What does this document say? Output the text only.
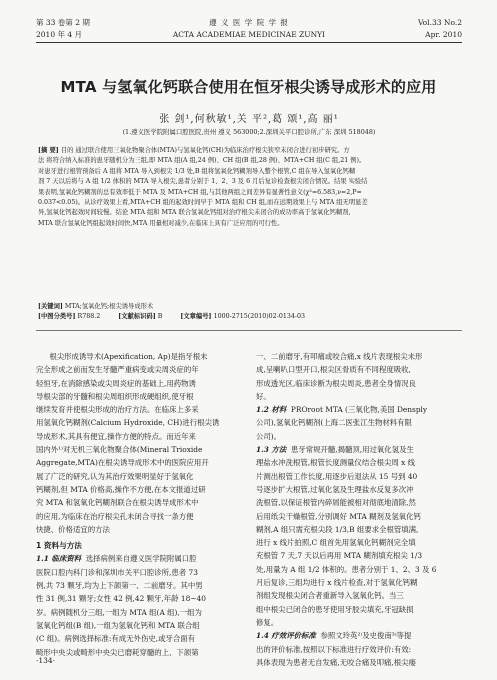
第 33 卷第 2 期
2010 年 4 月
遵 义 医 学 院 学 报
ACTA ACADEMIAE MEDICINAE ZUNYI
Vol.33 No.2
Apr. 2010
MTA 与氢氧化钙联合使用在恒牙根尖诱导成形术的应用
张 剑¹,何秋敏¹,关 平²,葛 颂¹,高 丽¹
(1.遵义医学院附属口腔医院,贵州 遵义 563000;2.深圳关平口腔诊所,广东 深圳 518048)

[摘 要] 目的 通过联合使用三氧化物聚合体(MTA)与氢氧化钙(CH)为临床治疗根尖狭窄未闭合进行初步研究。方

法 将符合纳入标准的患牙随机分为三组,即 MTA 组(A 组,24 例)、CH 组(B 组,28 例)、MTA+CH 组(C 组,21 例)。

对患牙进行根管预备后 A 组将 MTA 导入到根尖 1/3 处,B 组将氢氧化钙糊剂导入整个根管,C 组在导入氢氧化钙糊

剂 7 天以后将与 A 组 1/2 体积的 MTA 导入根尖,患者分别于 1、2、3 及 6 月后复诊检查根尖闭合情况。结果 实验结

果表明,氢氧化钙糊剂的总有效率低于 MTA 及 MTA+CH 组,与其他两组之间差异有显著性意义(χ²=6.583,ν=2,P=

0.037<0.05)。从诊疗效果上看,MTA+CH 组的起效时间早于 MTA 组和 CH 组,而在远期效果上与 MTA 组无明显差

异,氢氧化钙起效时间较慢。结论 MTA 组和 MTA 联合氢氧化钙组对治疗根尖未闭合的成功率高于氢氧化钙糊剂,

MTA 联合氢氧化钙组起效时间快,MTA 用量相对减少,在临床上具有广泛应用的可行性。

[关键词] MTA;氢氧化钙;根尖诱导成形术
[中图分类号] R788.2	[文献标识码] B	[文章编号] 1000-2715(2010)02-0134-03

根尖形成诱导术(Apexification, Ap)是指牙根未

完全形成之前而发生牙髓严重病变或尖周炎症的年
轻恒牙,在消除感染或尖周炎症的基础上,用药物诱
导根尖部的牙髓和根尖周组织形成硬组织,使牙根
继续发育并使根尖形成的治疗方法。在临床上多采
用氢氧化钙糊剂(Calcium Hydroxide, CH)进行根尖诱
导成形术,其具有便宜,操作方便的特点。而近年来
国内外¹⁾对无机三氧化物聚合体(Mineral Trioxide
Aggregate,MTA)在根尖诱导成形术中的医院应用开
展了广泛的研究,认为其治疗效果明显好于氢氧化
钙糊剂,但 MTA 价格高,操作不方便,在本文报道过研
究 MTA 和氢氧化钙糊剂联合在根尖诱导成形术中
的应用,为临床在治疗根尖孔未闭合寻找一条方便
快捷、价格适宜的方法

1 资料与方法

1.1 临床资料 选择病例来自遵义医学院附属口腔
医院口腔内科门诊和深圳市关平口腔诊所,患者 73
例,共 73 颗牙,均为上下颌第一、二前磨牙。其中男
性 31 例,31 颗牙;女性 42 例,42 颗牙,年龄 18~40
岁。病例随机分三组,一组为 MTA 组(A 组),一组为
氢氧化钙组(B 组),一组为氢氧化钙和 MTA 联合组
(C 组)。病例选择标准:有成无外伤史,或牙合面有
畸形中央尖或畸形中央尖已磨耗穿髓的上、下颌第
一、二前磨牙,有叩痛或咬合痛,x 线片表现根尖未形
成,呈喇叭口型开口,根尖区骨质有不同程度吸收,
形成透光区,临床诊断为根尖周炎,患者全身情况良
好。
1.2 材料 PROroot MTA (三氧化物,美国 Densply
公司),氢氧化钙糊剂(上海二医张江生物材料有限
公司)。
1.3 方法 患牙常规开髓,揭髓顶,用过氧化氢及生
理盐水冲洗根管,根管长度测量仪结合根尖周 x 线
片测出根管工作长度,用逐步后退法从 15 号到 40
号逐步扩大根管,过氧化氢及生理盐水反复多次冲
洗根管,以保证根管内碎屑能被相对彻底地清除,然
后用纸尖干燥根管,分别调好 MTA 糊剂及氢氧化钙
糊剂,A 组只需充根尖段 1/3,B 组要求全根管填满,
进行 x 线片拍照,C 组首先用氢氧化钙糊剂完全填
充根管 7 天,7 天以后再用 MTA 糊剂填充根尖 1/3
处,用量为 A 组 1/2 体积的。患者分别于 1、2、3 及 6
月后复诊,三组均进行 x 线片检查,对于氢氧化钙糊
剂组发现根尖闭合者重新导入氢氧化钙。当三
组中根尖已闭合的患牙使用牙胶尖填充,牙冠缺损
修复。
1.4 疗效评价标准 参照文玲英²⁾及史俊南³⁾等提
出的评价标准,按照以下标准进行疗效评价:有效:
具体表现为患者无自发痛,无咬合痛及叩痛,根尖瘘
·134·
